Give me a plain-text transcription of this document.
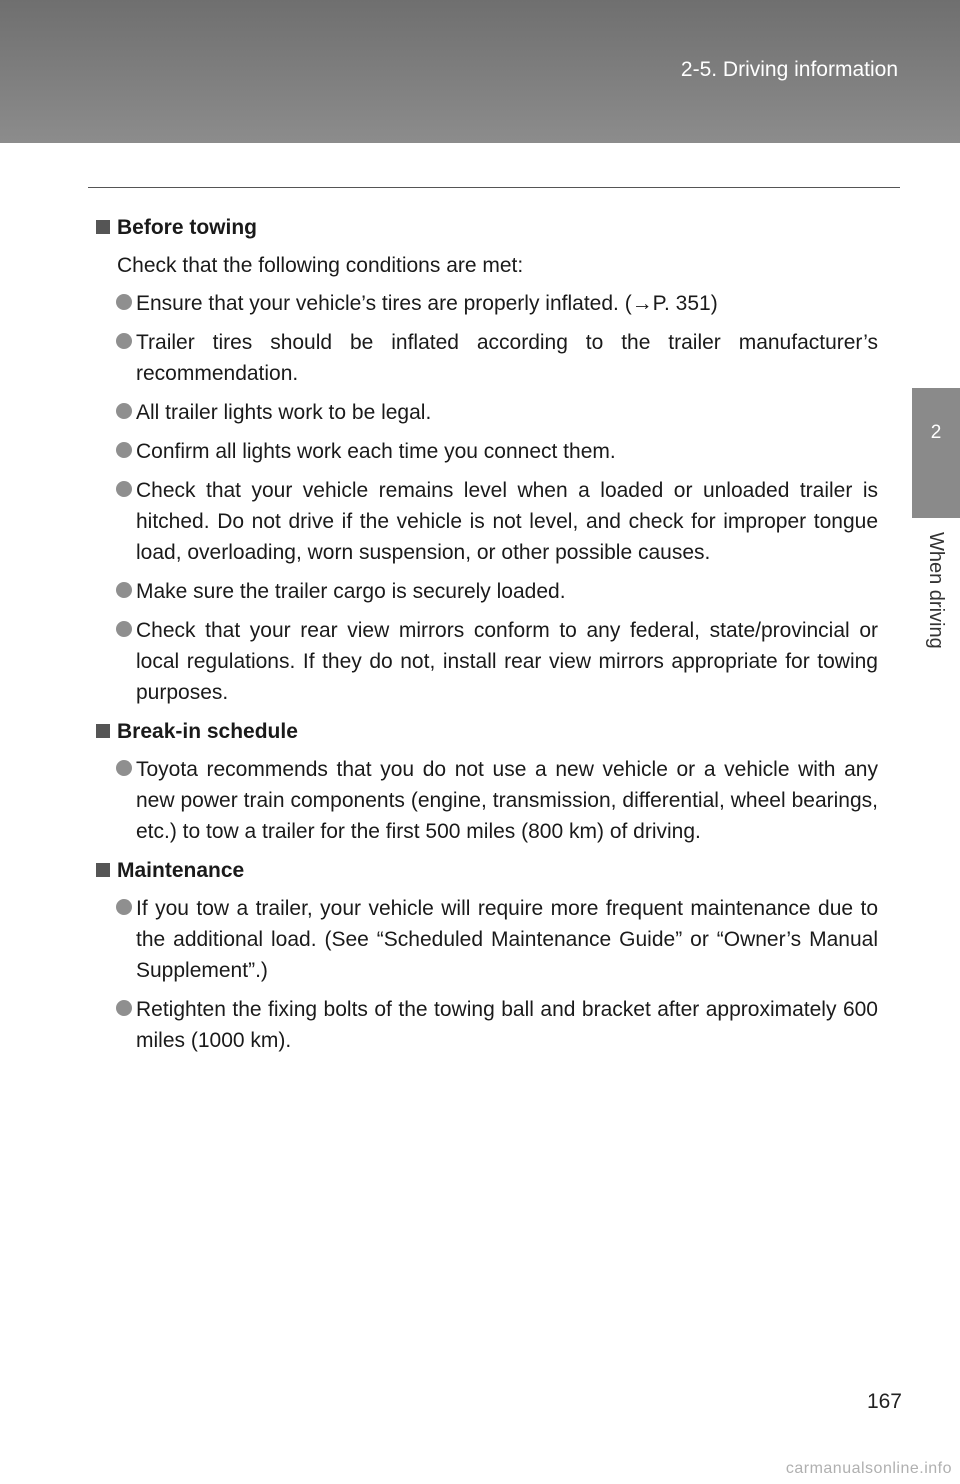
2-5. Driving information
2
When driving
Before towing
Check that the following conditions are met:
Ensure that your vehicle’s tires are properly inflated. (→P. 351)
Trailer tires should be inflated according to the trailer manufacturer’s recommendation.
All trailer lights work to be legal.
Confirm all lights work each time you connect them.
Check that your vehicle remains level when a loaded or unloaded trailer is hitched. Do not drive if the vehicle is not level, and check for improper tongue load, overloading, worn suspension, or other possible causes.
Make sure the trailer cargo is securely loaded.
Check that your rear view mirrors conform to any federal, state/provincial or local regulations. If they do not, install rear view mirrors appropriate for towing purposes.
Break-in schedule
Toyota recommends that you do not use a new vehicle or a vehicle with any new power train components (engine, transmission, differential, wheel bearings, etc.) to tow a trailer for the first 500 miles (800 km) of driving.
Maintenance
If you tow a trailer, your vehicle will require more frequent maintenance due to the additional load. (See “Scheduled Maintenance Guide” or “Owner’s Manual Supplement”.)
Retighten the fixing bolts of the towing ball and bracket after approximately 600 miles (1000 km).
167
carmanualsonline.info
